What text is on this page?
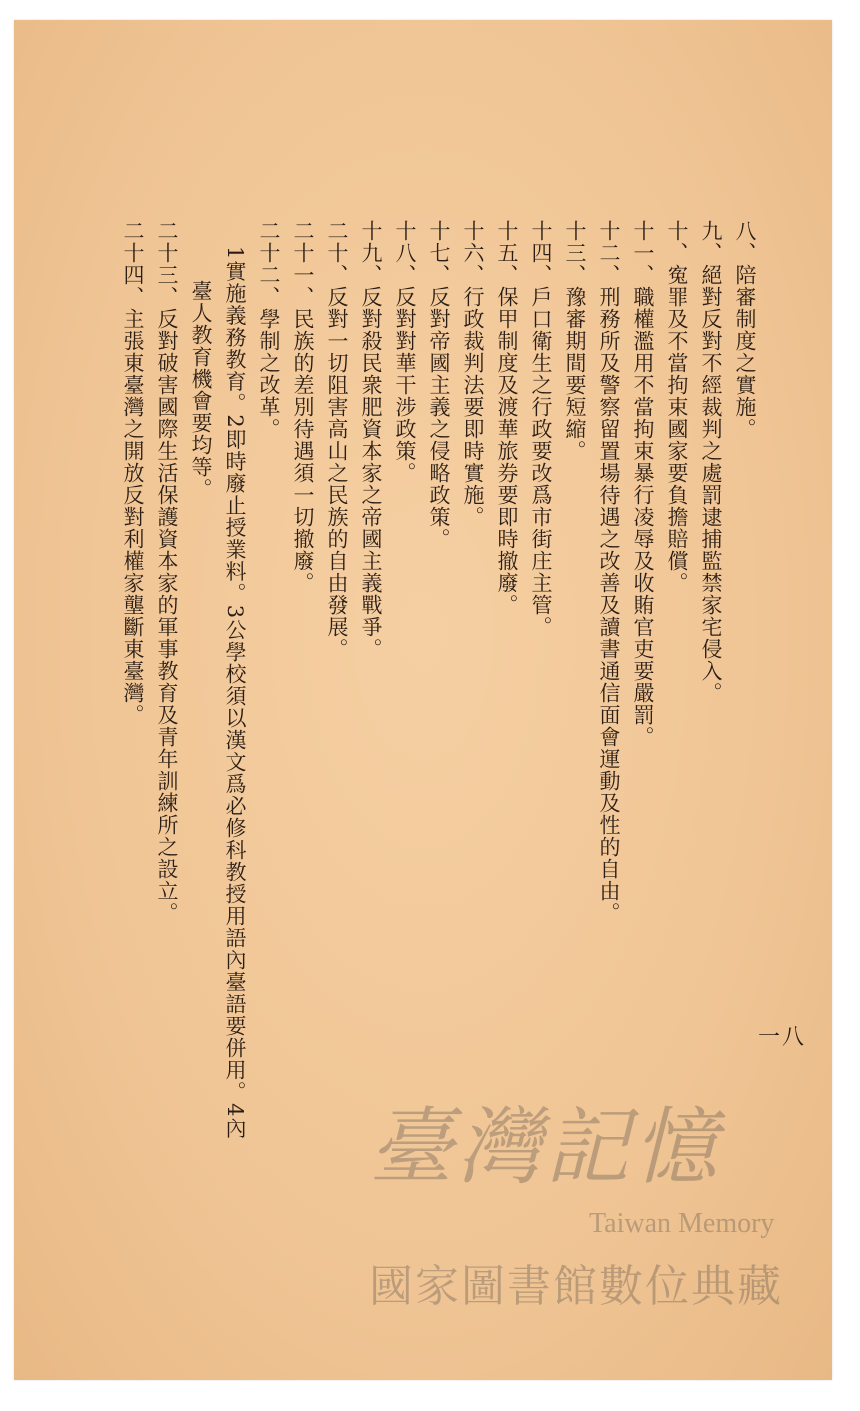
八、陪審制度之實施。
九、絕對反對不經裁判之處罰逮捕監禁家宅侵入。
十、寃罪及不當拘束國家要負擔賠償。
十一、職權濫用不當拘束暴行凌辱及收賄官吏要嚴罰。
十二、刑務所及警察留置場待遇之改善及讀書通信面會運動及性的自由。
十三、豫審期間要短縮。
十四、戶口衛生之行政要改爲市街庄主管。
十五、保甲制度及渡華旅券要即時撤廢。
十六、行政裁判法要即時實施。
十七、反對帝國主義之侵略政策。
十八、反對對華干涉政策。
十九、反對殺民衆肥資本家之帝國主義戰爭。
二十、反對一切阻害高山之民族的自由發展。
二十一、民族的差別待遇須一切撤廢。
二十二、學制之改革。
1實施義務教育。2即時廢止授業料。3公學校須以漢文爲必修科教授用語內臺語要併用。4內
臺人教育機會要均等。
二十三、反對破害國際生活保護資本家的軍事教育及青年訓練所之設立。
二十四、主張東臺灣之開放反對利權家壟斷東臺灣。
一八
臺灣記憶
Taiwan Memory
國家圖書館數位典藏
